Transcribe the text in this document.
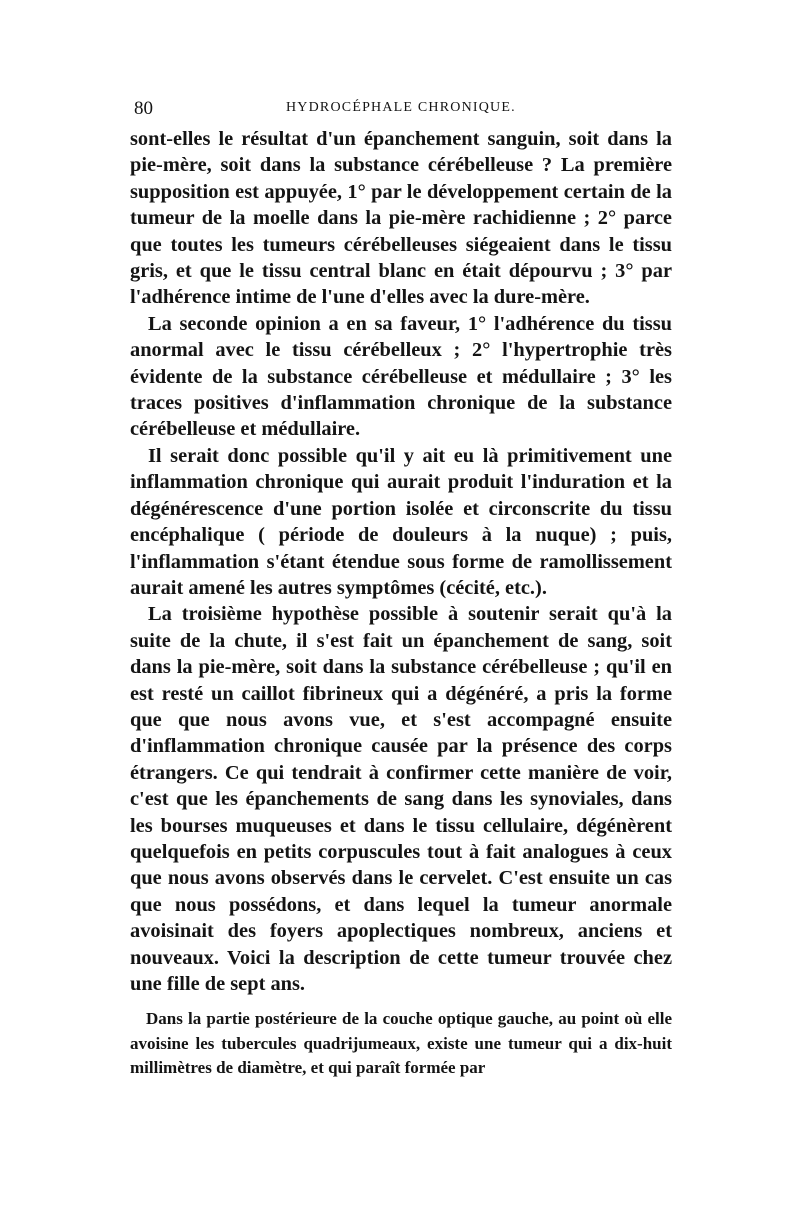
80	HYDROCÉPHALE CHRONIQUE.

sont-elles le résultat d'un épanchement sanguin, soit dans la pie-mère, soit dans la substance cérébelleuse ? La première supposition est appuyée, 1° par le développement certain de la tumeur de la moelle dans la pie-mère rachidienne ; 2° parce que toutes les tumeurs cérébelleuses siégeaient dans le tissu gris, et que le tissu central blanc en était dépourvu ; 3° par l'adhérence intime de l'une d'elles avec la dure-mère.

La seconde opinion a en sa faveur, 1° l'adhérence du tissu anormal avec le tissu cérébelleux ; 2° l'hypertrophie très évidente de la substance cérébelleuse et médullaire ; 3° les traces positives d'inflammation chronique de la substance cérébelleuse et médullaire.

Il serait donc possible qu'il y ait eu là primitivement une inflammation chronique qui aurait produit l'induration et la dégénérescence d'une portion isolée et circonscrite du tissu encéphalique ( période de douleurs à la nuque) ; puis, l'inflammation s'étant étendue sous forme de ramollissement aurait amené les autres symptômes (cécité, etc.).

La troisième hypothèse possible à soutenir serait qu'à la suite de la chute, il s'est fait un épanchement de sang, soit dans la pie-mère, soit dans la substance cérébelleuse ; qu'il en est resté un caillot fibrineux qui a dégénéré, a pris la forme que que nous avons vue, et s'est accompagné ensuite d'inflammation chronique causée par la présence des corps étrangers. Ce qui tendrait à confirmer cette manière de voir, c'est que les épanchements de sang dans les synoviales, dans les bourses muqueuses et dans le tissu cellulaire, dégénèrent quelquefois en petits corpuscules tout à fait analogues à ceux que nous avons observés dans le cervelet. C'est ensuite un cas que nous possédons, et dans lequel la tumeur anormale avoisinait des foyers apoplectiques nombreux, anciens et nouveaux. Voici la description de cette tumeur trouvée chez une fille de sept ans.

Dans la partie postérieure de la couche optique gauche, au point où elle avoisine les tubercules quadrijumeaux, existe une tumeur qui a dix-huit millimètres de diamètre, et qui paraît formée par
